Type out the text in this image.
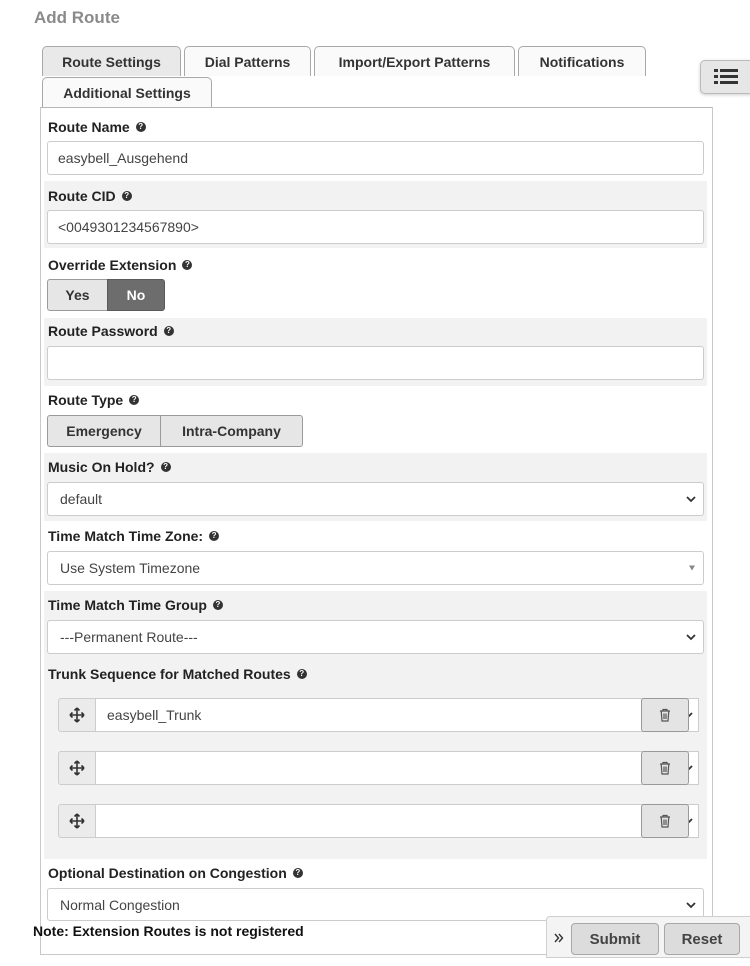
Add Route
Route Settings	Dial Patterns	Import/Export Patterns	Notifications
Additional Settings
Route Name	?
easybell_Ausgehend
Route CID	?
<0049301234567890>
Override Extension	?
Yes	No
Route Password	?
Route Type	?
Emergency	Intra-Company
Music On Hold?	?
default
Time Match Time Zone:	?
Use System Timezone
Time Match Time Group	?
---Permanent Route---
Trunk Sequence for Matched Routes	?
easybell_Trunk
Optional Destination on Congestion	?
Normal Congestion
Note: Extension Routes is not registered	Submit	Reset
